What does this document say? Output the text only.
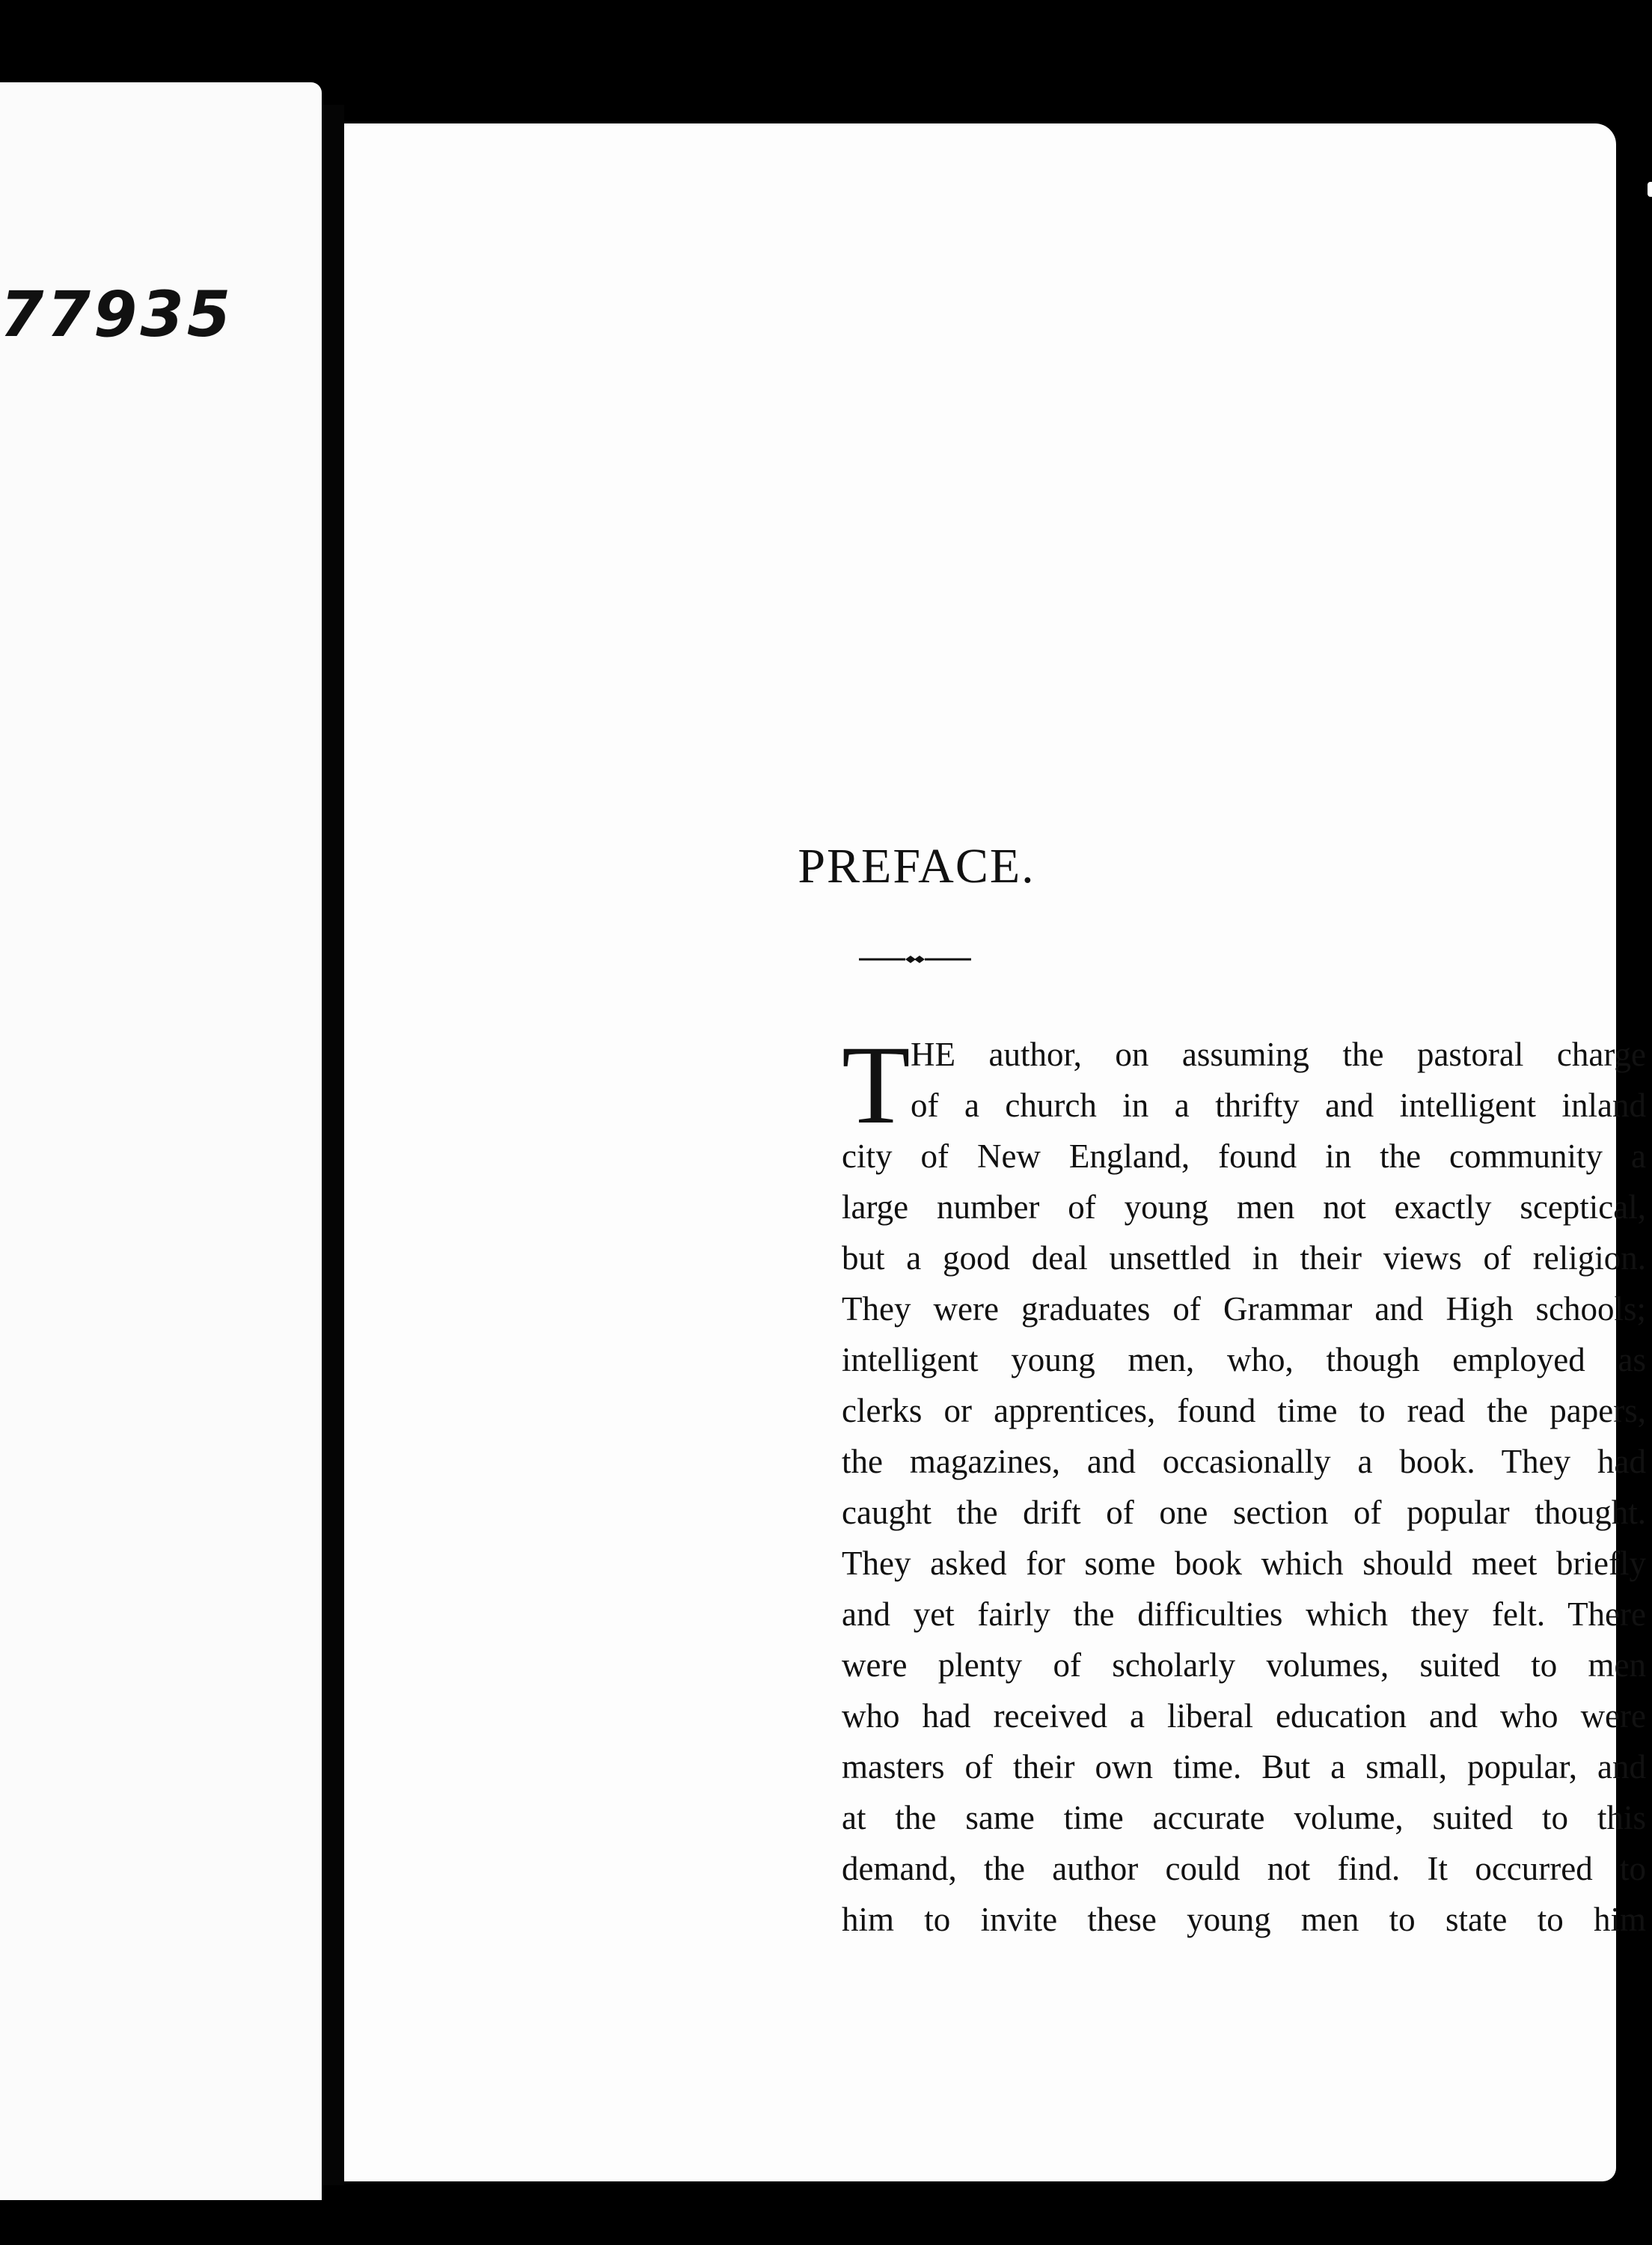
77935
PREFACE.
T HE author, on assuming the pastoral charge
of a church in a thrifty and intelligent inland
city of New England, found in the community a
large number of young men not exactly sceptical,
but a good deal unsettled in their views of religion.
They were graduates of Grammar and High schools;
intelligent young men, who, though employed as
clerks or apprentices, found time to read the papers,
the magazines, and occasionally a book. They had
caught the drift of one section of popular thought.
They asked for some book which should meet briefly
and yet fairly the difficulties which they felt. There
were plenty of scholarly volumes, suited to men
who had received a liberal education and who were
masters of their own time. But a small, popular, and
at the same time accurate volume, suited to this
demand, the author could not find. It occurred to
him to invite these young men to state to him
